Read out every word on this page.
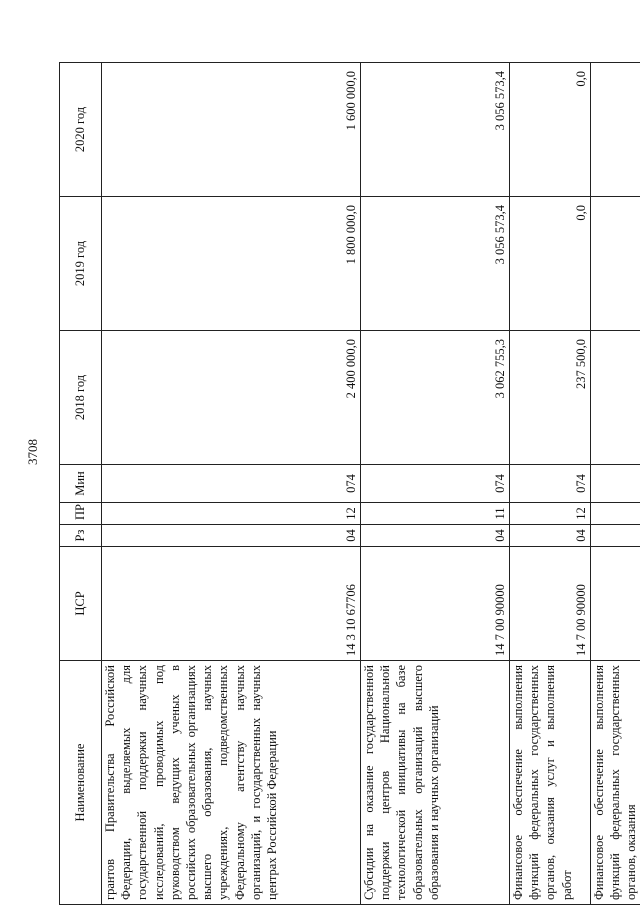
3708
Наименование	ЦСР	Рз	ПР	Мин	2018 год	2019 год	2020 год

грантов Правительства Российской Федерации, выделяемых для государственной поддержки научных исследований, проводимых под руководством ведущих ученых в российских образовательных организациях высшего образования, научных учреждениях, подведомственных Федеральному агентству научных организаций, и государственных научных центрах Российской Федерации	14 3 10 67706	04	12	074	2 400 000,0	1 800 000,0	1 600 000,0

Субсидии на оказание государственной поддержки центров Национальной технологической инициативы на базе образовательных организаций высшего образования и научных организаций	14 7 00 90000	04	11	074	3 062 755,3	3 056 573,4	3 056 573,4

Финансовое обеспечение выполнения функций федеральных государственных органов, оказания услуг и выполнения работ	14 7 00 90000	04	12	074	237 500,0	0,0	0,0

Финансовое обеспечение выполнения функций федеральных государственных органов, оказания							
